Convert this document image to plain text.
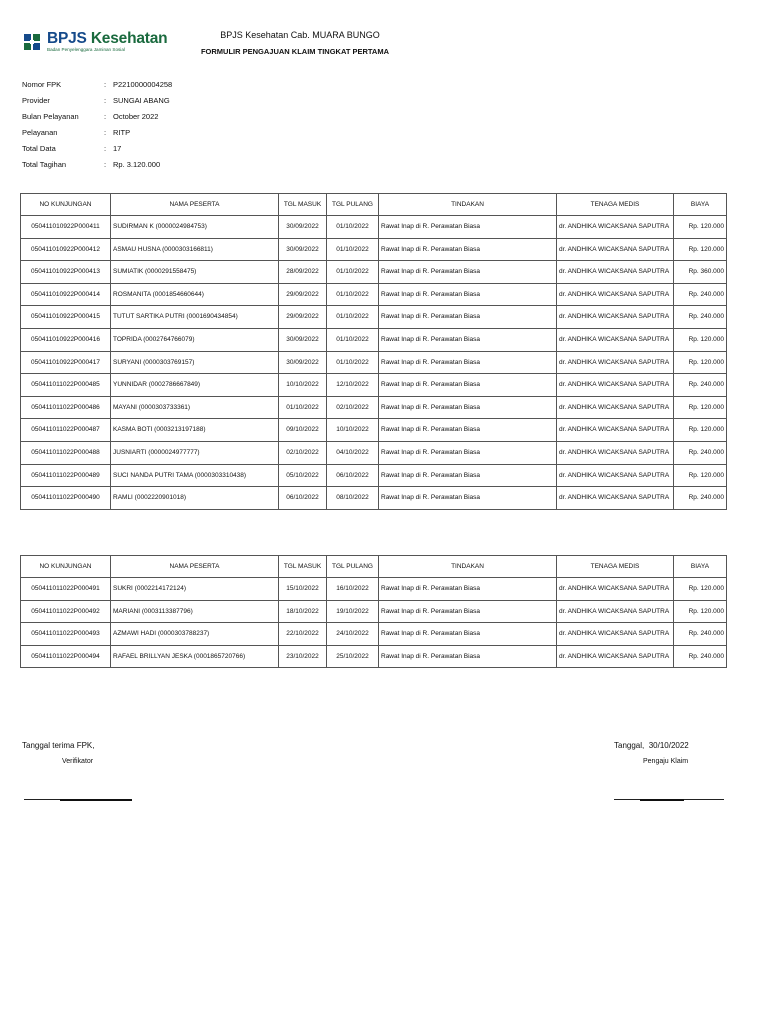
BPJS Kesehatan
Badan Penyelenggara Jaminan Sosial
BPJS Kesehatan Cab. MUARA BUNGO
FORMULIR PENGAJUAN KLAIM TINGKAT PERTAMA
Nomor FPK	: P2210000004258
Provider	: SUNGAI ABANG
Bulan Pelayanan	: October 2022
Pelayanan	: RITP
Total Data	: 17
Total Tagihan	: Rp. 3.120.000
NO KUNJUNGAN	NAMA PESERTA	TGL MASUK	TGL PULANG	TINDAKAN	TENAGA MEDIS	BIAYA
050411010922P000411	SUDIRMAN K (0000024984753)	30/09/2022	01/10/2022	Rawat Inap di R. Perawatan Biasa	dr. ANDHIKA WICAKSANA SAPUTRA	Rp. 120.000
050411010922P000412	ASMAU HUSNA (0000303166811)	30/09/2022	01/10/2022	Rawat Inap di R. Perawatan Biasa	dr. ANDHIKA WICAKSANA SAPUTRA	Rp. 120.000
050411010922P000413	SUMIATIK (0000291558475)	28/09/2022	01/10/2022	Rawat Inap di R. Perawatan Biasa	dr. ANDHIKA WICAKSANA SAPUTRA	Rp. 360.000
050411010922P000414	ROSMANITA (0001854660644)	29/09/2022	01/10/2022	Rawat Inap di R. Perawatan Biasa	dr. ANDHIKA WICAKSANA SAPUTRA	Rp. 240.000
050411010922P000415	TUTUT SARTIKA PUTRI (0001690434854)	29/09/2022	01/10/2022	Rawat Inap di R. Perawatan Biasa	dr. ANDHIKA WICAKSANA SAPUTRA	Rp. 240.000
050411010922P000416	TOPRIDA (0002764766079)	30/09/2022	01/10/2022	Rawat Inap di R. Perawatan Biasa	dr. ANDHIKA WICAKSANA SAPUTRA	Rp. 120.000
050411010922P000417	SURYANI (0000303769157)	30/09/2022	01/10/2022	Rawat Inap di R. Perawatan Biasa	dr. ANDHIKA WICAKSANA SAPUTRA	Rp. 120.000
050411011022P000485	YUNNIDAR (0002786667849)	10/10/2022	12/10/2022	Rawat Inap di R. Perawatan Biasa	dr. ANDHIKA WICAKSANA SAPUTRA	Rp. 240.000
050411011022P000486	MAYANI (0000303733361)	01/10/2022	02/10/2022	Rawat Inap di R. Perawatan Biasa	dr. ANDHIKA WICAKSANA SAPUTRA	Rp. 120.000
050411011022P000487	KASMA BOTI (0003213197188)	09/10/2022	10/10/2022	Rawat Inap di R. Perawatan Biasa	dr. ANDHIKA WICAKSANA SAPUTRA	Rp. 120.000
050411011022P000488	JUSNIARTI (0000024977777)	02/10/2022	04/10/2022	Rawat Inap di R. Perawatan Biasa	dr. ANDHIKA WICAKSANA SAPUTRA	Rp. 240.000
050411011022P000489	SUCI NANDA PUTRI TAMA (0000303310438)	05/10/2022	06/10/2022	Rawat Inap di R. Perawatan Biasa	dr. ANDHIKA WICAKSANA SAPUTRA	Rp. 120.000
050411011022P000490	RAMLI (0002220901018)	06/10/2022	08/10/2022	Rawat Inap di R. Perawatan Biasa	dr. ANDHIKA WICAKSANA SAPUTRA	Rp. 240.000
NO KUNJUNGAN	NAMA PESERTA	TGL MASUK	TGL PULANG	TINDAKAN	TENAGA MEDIS	BIAYA
050411011022P000491	SUKRI (0002214172124)	15/10/2022	16/10/2022	Rawat Inap di R. Perawatan Biasa	dr. ANDHIKA WICAKSANA SAPUTRA	Rp. 120.000
050411011022P000492	MARIANI (0003113387796)	18/10/2022	19/10/2022	Rawat Inap di R. Perawatan Biasa	dr. ANDHIKA WICAKSANA SAPUTRA	Rp. 120.000
050411011022P000493	AZMAWI HADI (0000303788237)	22/10/2022	24/10/2022	Rawat Inap di R. Perawatan Biasa	dr. ANDHIKA WICAKSANA SAPUTRA	Rp. 240.000
050411011022P000494	RAFAEL BRILLYAN JESKA (0001865720766)	23/10/2022	25/10/2022	Rawat Inap di R. Perawatan Biasa	dr. ANDHIKA WICAKSANA SAPUTRA	Rp. 240.000
Tanggal terima FPK,
Verifikator
Tanggal, 30/10/2022
Pengaju Klaim
